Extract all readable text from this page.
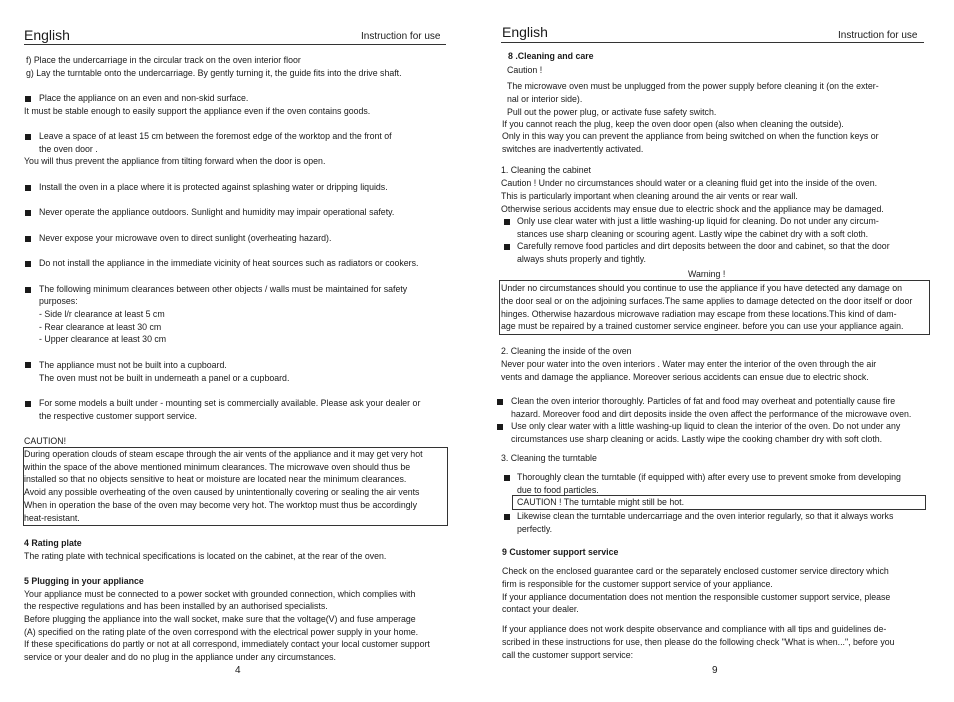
English	Instruction for use
f) Place the undercarriage in the circular track on the oven interior floor
g) Lay the turntable onto the undercarriage. By gently turning it, the guide fits into the drive shaft.
Place the appliance on an even and non-skid surface.
It must be stable enough to easily support the appliance even if the oven contains goods.
Leave a space of at least 15 cm between the foremost edge of the worktop and the front of
the oven door .
You will thus prevent the appliance from tilting forward when the door is open.
Install the oven in a place where it is protected against splashing water or dripping liquids.
Never operate the appliance outdoors. Sunlight and humidity may impair operational safety.
Never expose your microwave oven to direct sunlight (overheating hazard).
Do not install the appliance in the immediate vicinity of heat sources such as radiators or cookers.
The following minimum clearances between other objects / walls must be maintained for safety
purposes:
- Side l/r clearance at least 5 cm
- Rear clearance at least 30 cm
- Upper clearance at least 30 cm
The appliance must not be built into a cupboard.
The oven must not be built in underneath a panel or a cupboard.
For some models a built under - mounting set is commercially available. Please ask your dealer or
the respective customer support service.
CAUTION!
During operation clouds of steam escape through the air vents of the appliance and it may get very hot
within the space of the above mentioned minimum clearances. The microwave oven should thus be
installed so that no objects sensitive to heat or moisture are located near the minimum clearances.
Avoid any possible overheating of the oven caused by unintentionally covering or sealing the air vents
When in operation the base of the oven may become very hot. The worktop must thus be accordingly
heat-resistant.
4 Rating plate
The rating plate with technical specifications is located on the cabinet, at the rear of the oven.
5 Plugging in your appliance
Your appliance must be connected to a power socket with grounded connection, which complies with
the respective regulations and has been installed by an authorised specialists.
Before plugging the appliance into the wall socket, make sure that the voltage(V) and fuse amperage
(A) specified on the rating plate of the oven correspond with the electrical power supply in your home.
If these specifications do partly or not at all correspond, immediately contact your local customer support
service or your dealer and do no plug in the appliance under any circumstances.
4
English	Instruction for use
8 .Cleaning and care
Caution !
The microwave oven must be unplugged from the power supply before cleaning it (on the exter-
nal or interior side).
Pull out the power plug, or activate fuse safety switch.
If you cannot reach the plug, keep the oven door open (also when cleaning the outside).
Only in this way you can prevent the appliance from being switched on when the function keys or
switches are inadvertently activated.
1. Cleaning the cabinet
Caution ! Under no circumstances should water or a cleaning fluid get into the inside of the oven.
This is particularly important when cleaning around the air vents or rear wall.
Otherwise serious accidents may ensue due to electric shock and the appliance may be damaged.
Only use clear water with just a little washing-up liquid for cleaning. Do not under any circum-
stances use sharp cleaning or scouring agent. Lastly wipe the cabinet dry with a soft cloth.
Carefully remove food particles and dirt deposits between the door and cabinet, so that the door
always shuts properly and tightly.
Warning !
Under no circumstances should you continue to use the appliance if you have detected any damage on
the door seal or on the adjoining surfaces.The same applies to damage detected on the door itself or door
hinges. Otherwise hazardous microwave radiation may escape from these locations.This kind of dam-
age must be repaired by a trained customer service engineer. before you can use your appliance again.
2. Cleaning the inside of the oven
Never pour water into the oven interiors . Water may enter the interior of the oven through the air
vents and damage the appliance. Moreover serious accidents can ensue due to electric shock.
Clean the oven interior thoroughly. Particles of fat and food may overheat and potentially cause fire
hazard. Moreover food and dirt deposits inside the oven affect the performance of the microwave oven.
Use only clear water with a little washing-up liquid to clean the interior of the oven. Do not under any
circumstances use sharp cleaning or acids. Lastly wipe the cooking chamber dry with soft cloth.
3. Cleaning the turntable
Thoroughly clean the turntable (if equipped with) after every use to prevent smoke from developing
due to food particles.
CAUTION ! The turntable might still be hot.
Likewise clean the turntable undercarriage and the oven interior regularly, so that it always works
perfectly.
9 Customer support service
Check on the enclosed guarantee card or the separately enclosed customer service directory which
firm is responsible for the customer support service of your appliance.
If your appliance documentation does not mention the responsible customer support service, please
contact your dealer.
If your appliance does not work despite observance and compliance with all tips and guidelines de-
scribed in these instructions for use, then please do the following check "What is when...", before you
call the customer support service:
9
